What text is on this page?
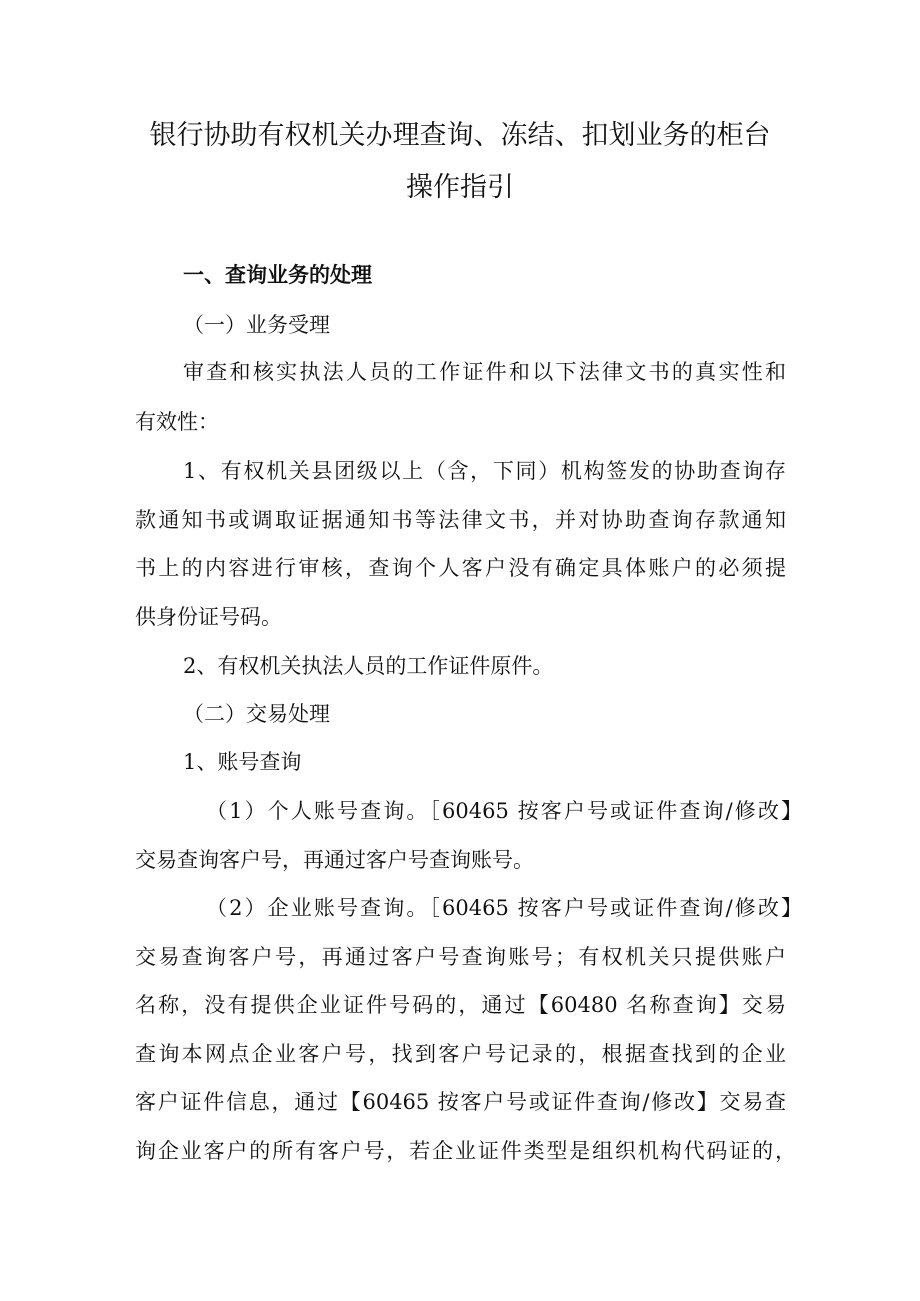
银行协助有权机关办理查询、冻结、扣划业务的柜台
操作指引
一、查询业务的处理
（一）业务受理
审查和核实执法人员的工作证件和以下法律文书的真实性和
有效性：
1、有权机关县团级以上（含，下同）机构签发的协助查询存
款通知书或调取证据通知书等法律文书，并对协助查询存款通知
书上的内容进行审核，查询个人客户没有确定具体账户的必须提
供身份证号码。
2、有权机关执法人员的工作证件原件。
（二）交易处理
1、账号查询
（1）个人账号查询。［60465 按客户号或证件查询/修改】
交易查询客户号，再通过客户号查询账号。
（2）企业账号查询。［60465 按客户号或证件查询/修改】
交易查询客户号，再通过客户号查询账号；有权机关只提供账户
名称，没有提供企业证件号码的，通过【60480 名称查询】交易
查询本网点企业客户号，找到客户号记录的，根据查找到的企业
客户证件信息，通过【60465 按客户号或证件查询/修改】交易查
询企业客户的所有客户号，若企业证件类型是组织机构代码证的，
